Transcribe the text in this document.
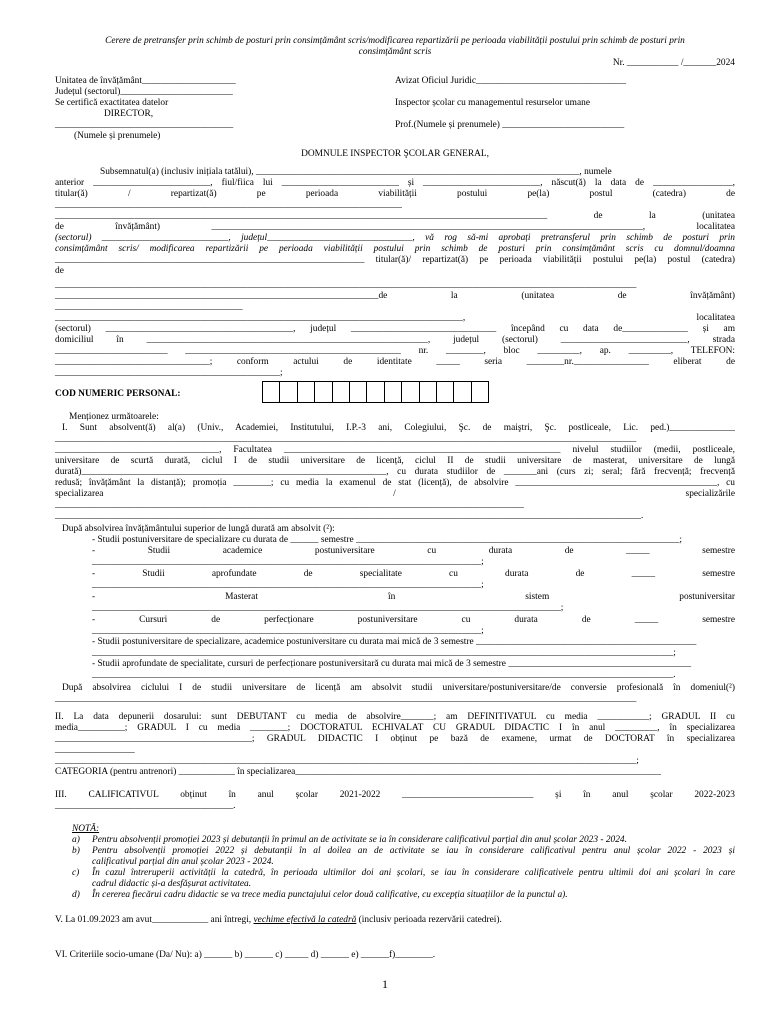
Cerere de pretransfer prin schimb de posturi prin consimțământ scris/modificarea repartizării pe perioada viabilității postului prin schimb de posturi prin
consimțământ scris
Nr. ___________ /_______2024
Unitatea de învățământ____________________
Județul (sectorul)________________________
Se certifică exactitatea datelor
DIRECTOR,
______________________________________
(Numele și prenumele)
Avizat Oficiul Juridic________________________________
Inspector școlar cu managementul resurselor umane
Prof.(Numele și prenumele) __________________________
DOMNULE INSPECTOR ŞCOLAR GENERAL,
Subsemnatul(a) (inclusiv inițiala tatălui), _____________________________________________________________________, numele
anterior _________________________, fiul/fiica lui _________________________ și _________________________, născut(ă) la data de _________________,
titular(ă) / repartizat(ă) pe perioada viabilității postului pe(la) postul (catedra) de
__________________________________________________________________________
_________________________________________________________________________________________________________ de la (unitatea
de învățământ) ____________________________________________________________________________________________, localitatea
(sectorul) ___________________________, județul_______________________________, vă rog să-mi aprobați pretransferul prin schimb de posturi prin
consimțământ scris/ modificarea repartizării pe perioada viabilității postului prin schimb de posturi prin consimțământ scris cu domnul/doamna
__________________________________________________________________ titular(ă)/ repartizat(ă) pe perioada viabilității postului pe(la) postul (catedra)
de
____________________________________________________________________________________________________________________________
_____________________________________________________________________de la (unitatea de învățământ)
________________________________________
_______________________________________________________________________________________, localitatea
(sectorul) ________________________________________, județul _______________________________ începând cu data de______________ și am
domiciliul în ____________________________________________________________, județul (sectorul) ___________________________, strada
________________________ ______________________________________________ nr. ________, bloc _________, ap. _________, TELEFON:
_________________________________; conform actului de identitate _____ seria ________nr.________________ eliberat de
________________________________________________;
COD NUMERIC PERSONAL:
Menționez următoarele:
I. Sunt absolvent(ă) al(a) (Univ., Academiei, Institutului, I.P.-3 ani, Colegiului, Şc. de maiştri, Şc. postliceale, Lic. ped.)______________
____________________________________________________________________________________________________________________________
___________________________________, Facultatea ___________________________________________________________ nivelul studiilor (medii, postliceale,
universitare de scurtă durată, ciclul I de studii universitare de licență, ciclul II de studii universitare de masterat, universitare de lungă
durată)_________________________________________________________________, cu durata studiilor de _______ani (curs zi; seral; fără frecvență; frecvență
redusă; învățământ la distanță); promoția ________; cu media la examenul de stat (licență), de absolvire ___________________________________________, cu
specializarea / specializările
____________________________________________________________________________________________________
_____________________________________________________________________________________________________________________________.
După absolvirea învățământului superior de lungă durată am absolvit (²):
- Studii postuniversitare de specializare cu durata de ______ semestre _____________________________________________________________________;
- Studii academice postuniversitare cu durata de _____ semestre
___________________________________________________________________________________;
- Studii aprofundate de specialitate cu durata de _____ semestre
___________________________________________________________________________________;
- Masterat în sistem postuniversitar
____________________________________________________________________________________________________;
- Cursuri de perfecționare postuniversitare cu durata de _____ semestre
___________________________________________________________________________________;
- Studii postuniversitare de specializare, academice postuniversitare cu durata mai mică de 3 semestre _______________________________________________
____________________________________________________________________________________________________________________________;
- Studii aprofundate de specialitate, cursuri de perfecționare postuniversitară cu durata mai mică de 3 semestre _______________________________________
____________________________________________________________________________________________________________________________.
După absolvirea ciclului I de studii universitare de licență am absolvit studii universitare/postuniversitare/de conversie profesională în domeniul(²)
____________________________________________________________________________________________________________________________
II. La data depunerii dosarului: sunt DEBUTANT cu media de absolvire_______; am DEFINITIVATUL cu media ___________; GRADUL II cu
media__________; GRADUL I cu media ________; DOCTORATUL ECHIVALAT CU GRADUL DIDACTIC I în anul _________, în specializarea
__________________________________________; GRADUL DIDACTIC I obținut pe bază de examene, urmat de DOCTORAT în specializarea
_________________
____________________________________________________________________________________________________________________________;
CATEGORIA (pentru antrenori) ____________ în specializarea______________________________________________________________________________
III. CALIFICATIVUL obținut în anul școlar 2021-2022 ____________________________ și în anul școlar 2022-2023
______________________________________.
NOTĂ:
a) Pentru absolvenții promoției 2023 și debutanții în primul an de activitate se ia în considerare calificativul parțial din anul școlar 2023 - 2024.
b) Pentru absolvenții promoției 2022 și debutanții în al doilea an de activitate se iau în considerare calificativul pentru anul școlar 2022 - 2023 și
calificativul parțial din anul școlar 2023 - 2024.
c) În cazul întreruperii activității la catedră, în perioada ultimilor doi ani școlari, se iau în considerare calificativele pentru ultimii doi ani școlari în care
cadrul didactic și-a desfășurat activitatea.
d) În cererea fiecărui cadru didactic se va trece media punctajului celor două calificative, cu excepția situațiilor de la punctul a).
V. La 01.09.2023 am avut____________ ani întregi, vechime efectivă la catedră (inclusiv perioada rezervării catedrei).
VI. Criteriile socio-umane (Da/ Nu): a) ______ b) ______ c) _____ d) ______ e) ______f)________.
1
